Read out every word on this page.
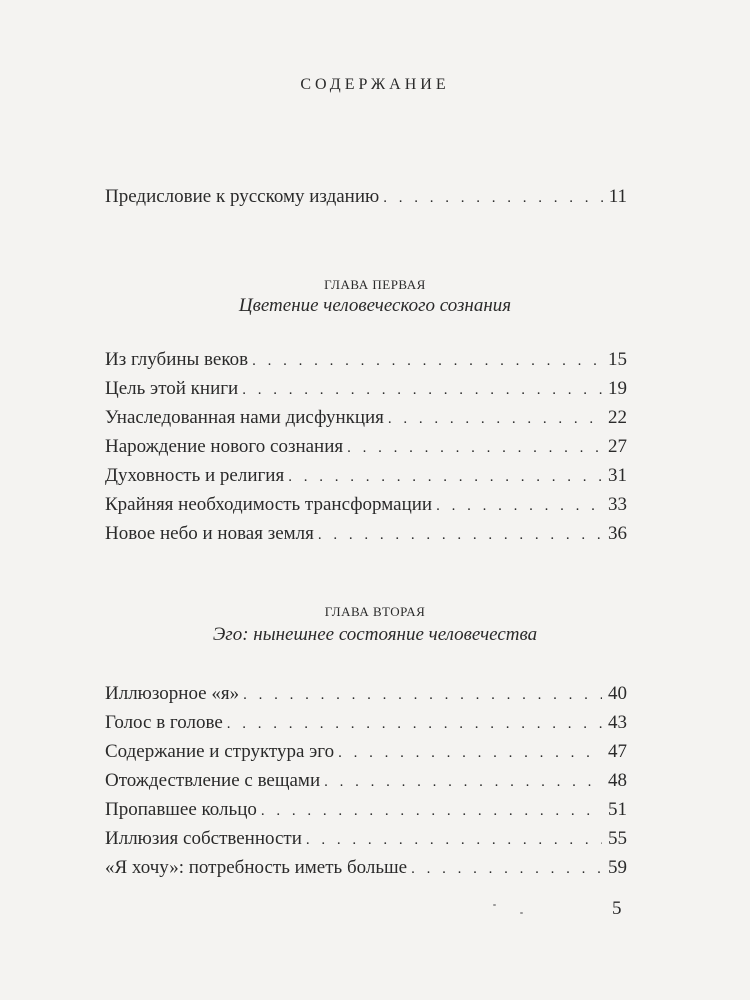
СОДЕРЖАНИЕ
Предисловие к русскому изданию . . .	11
ГЛАВА ПЕРВАЯ
Цветение человеческого сознания
Из глубины веков . . .	15
Цель этой книги . . .	19
Унаследованная нами дисфункция . . .	22
Нарождение нового сознания . . .	27
Духовность и религия . . .	31
Крайняя необходимость трансформации . . .	33
Новое небо и новая земля . . .	36
ГЛАВА ВТОРАЯ
Эго: нынешнее состояние человечества
Иллюзорное «я» . . .	40
Голос в голове . . .	43
Содержание и структура эго . . .	47
Отождествление с вещами . . .	48
Пропавшее кольцо . . .	51
Иллюзия собственности . . .	55
«Я хочу»: потребность иметь больше . . .	59
5
